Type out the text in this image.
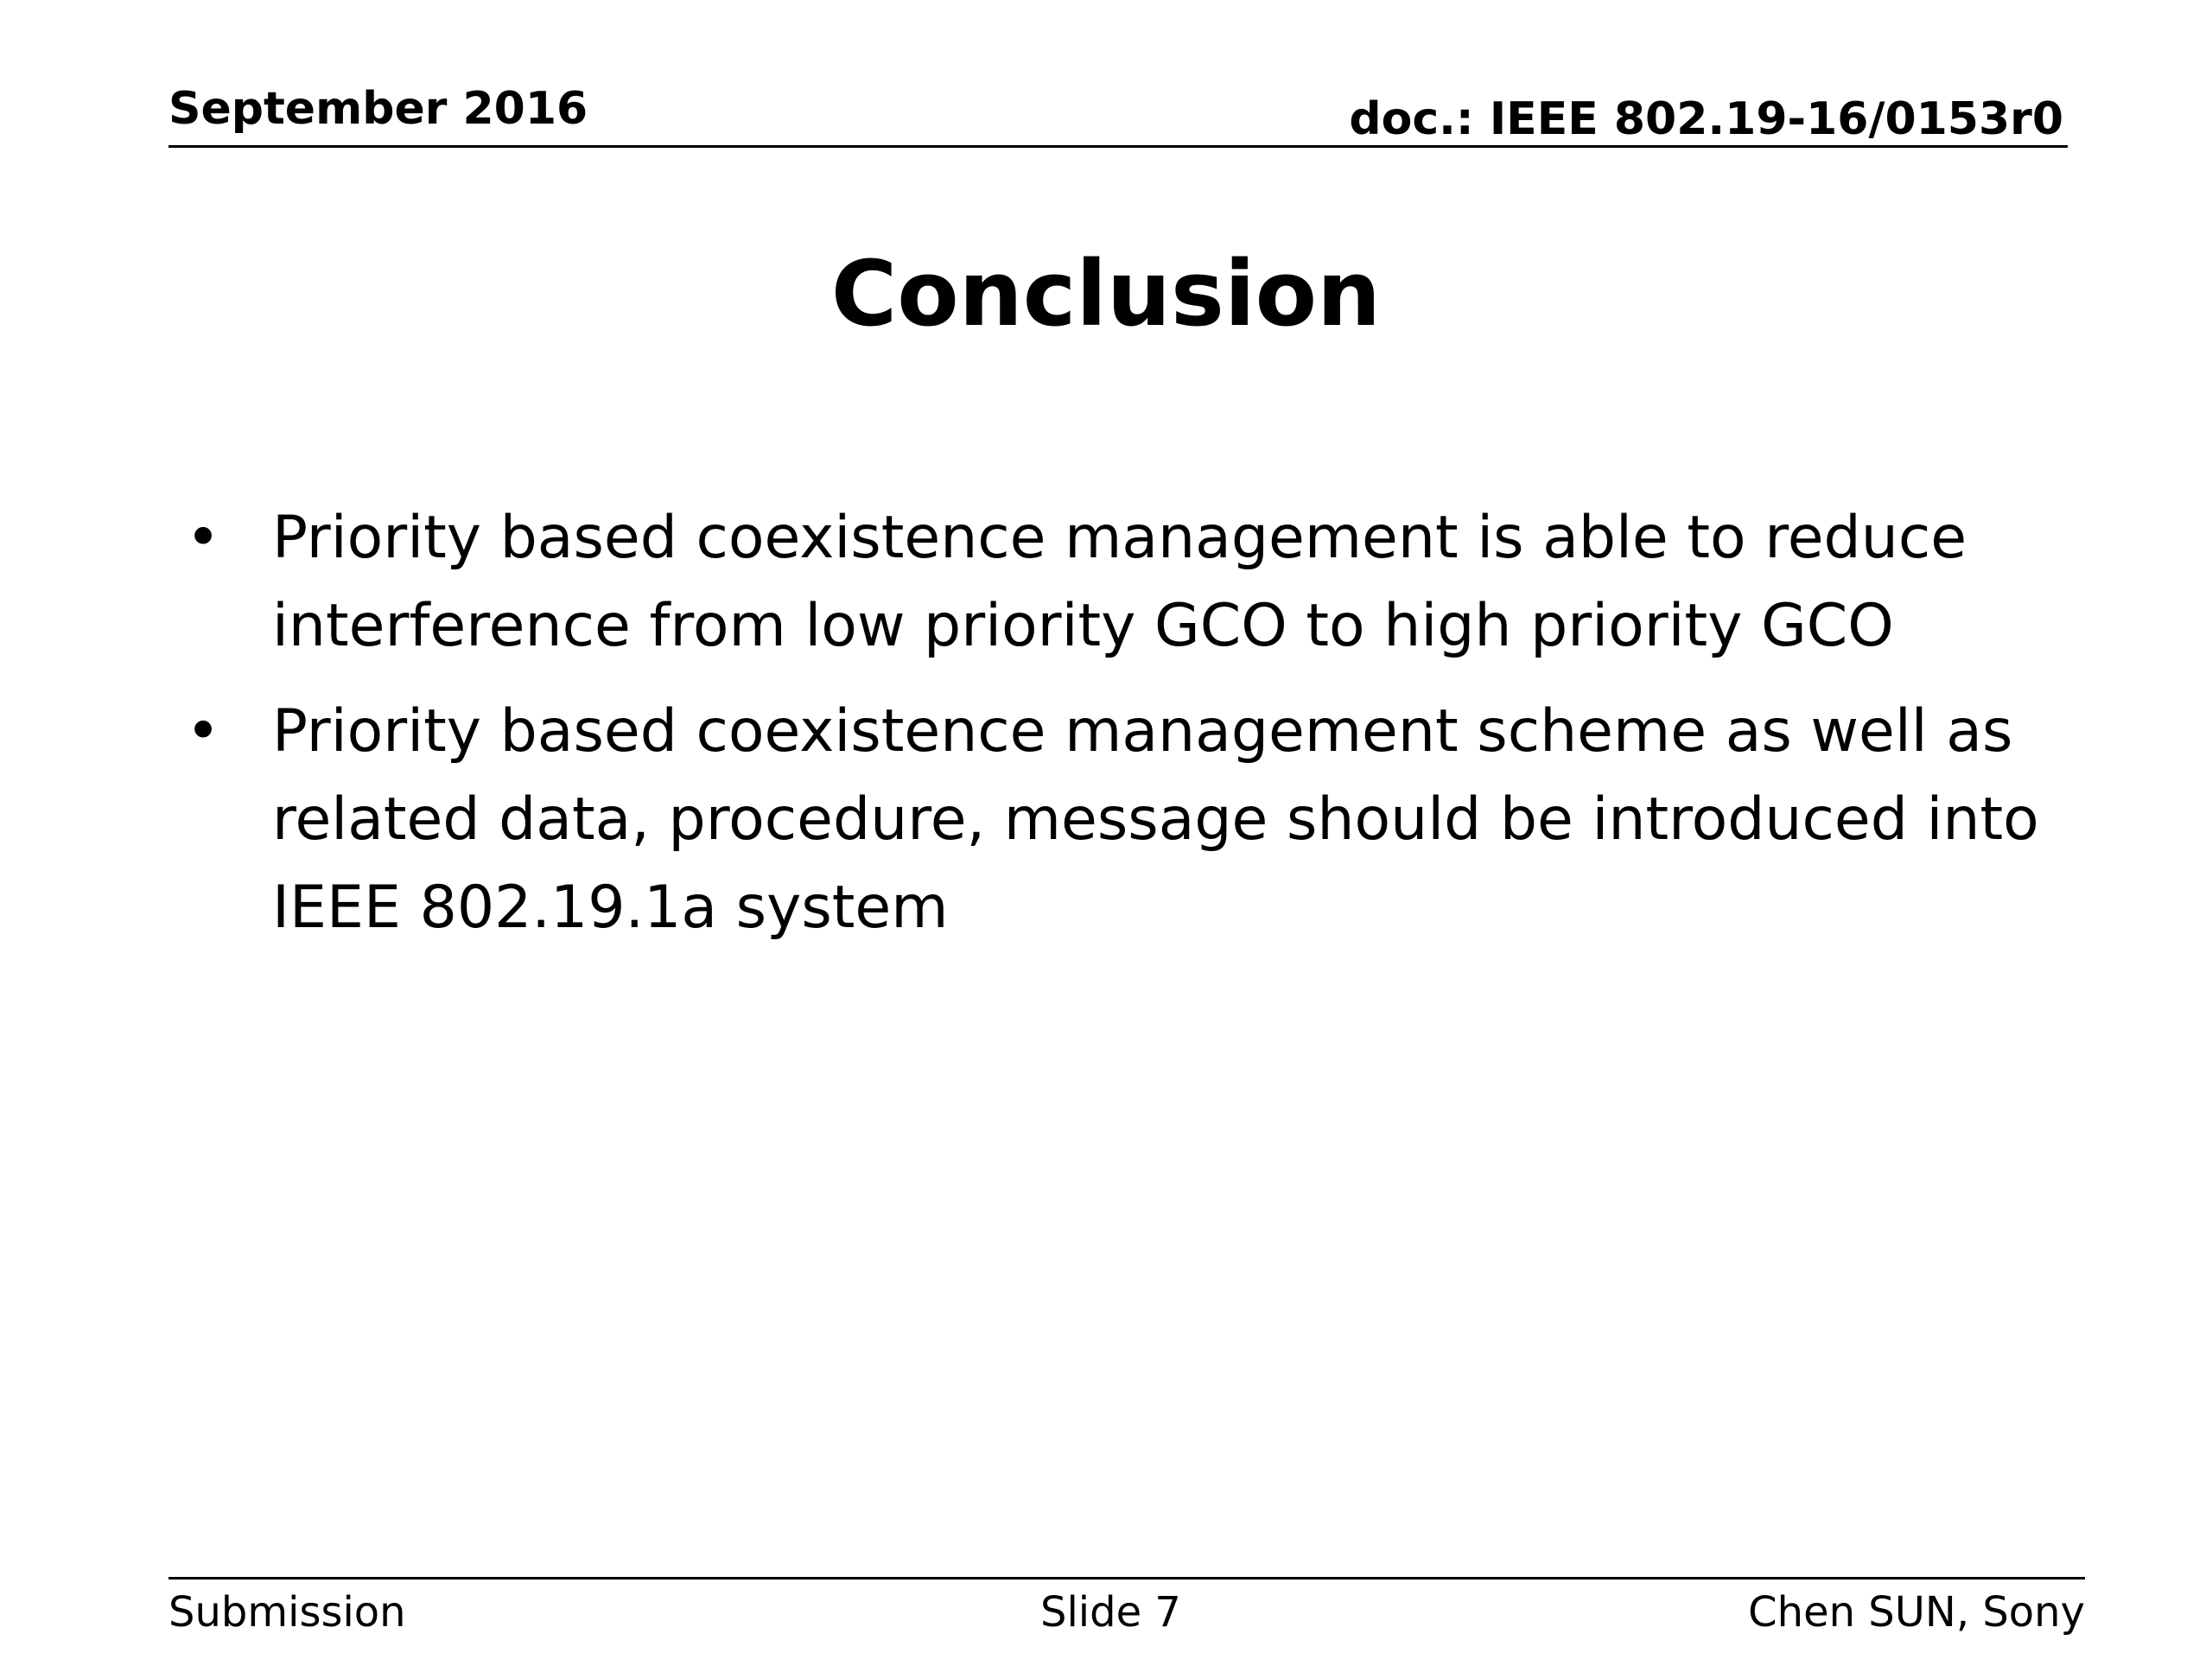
September 2016	doc.: IEEE 802.19-16/0153r0
Conclusion
• Priority based coexistence management is able to reduce interference from low priority GCO to high priority GCO
• Priority based coexistence management scheme as well as related data, procedure, message should be introduced into IEEE 802.19.1a system
Submission	Slide 7	Chen SUN, Sony
